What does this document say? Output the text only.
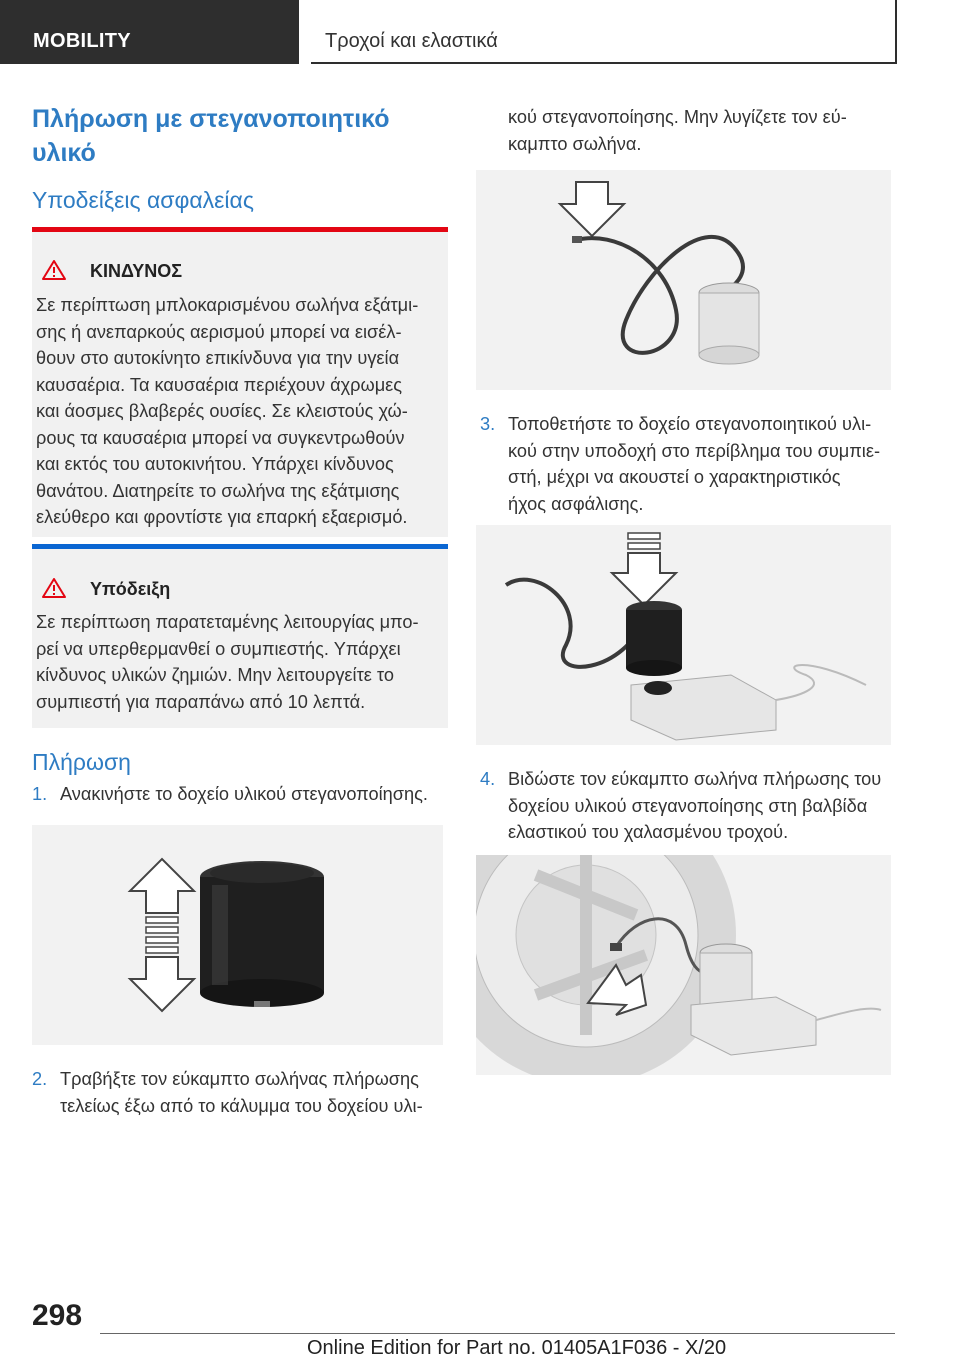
MOBILITY	Τροχοί και ελαστικά
Πλήρωση με στεγανοποιητικό
υλικό
Υποδείξεις ασφαλείας
ΚΙΝΔΥΝΟΣ
Σε περίπτωση μπλοκαρισμένου σωλήνα εξάτμι-
σης ή ανεπαρκούς αερισμού μπορεί να εισέλ-
θουν στο αυτοκίνητο επικίνδυνα για την υγεία
καυσαέρια. Τα καυσαέρια περιέχουν άχρωμες
και άοσμες βλαβερές ουσίες. Σε κλειστούς χώ-
ρους τα καυσαέρια μπορεί να συγκεντρωθούν
και εκτός του αυτοκινήτου. Υπάρχει κίνδυνος
θανάτου. Διατηρείτε το σωλήνα της εξάτμισης
ελεύθερο και φροντίστε για επαρκή εξαερισμό.
Υπόδειξη
Σε περίπτωση παρατεταμένης λειτουργίας μπο-
ρεί να υπερθερμανθεί ο συμπιεστής. Υπάρχει
κίνδυνος υλικών ζημιών. Μην λειτουργείτε το
συμπιεστή για παραπάνω από 10 λεπτά.
Πλήρωση

1.

Ανακινήστε το δοχείο υλικού στεγανοποίησης.

2.

Τραβήξτε τον εύκαμπτο σωλήνας πλήρωσης
τελείως έξω από το κάλυμμα του δοχείου υλι-

κού στεγανοποίησης. Μην λυγίζετε τον εύ-
καμπτο σωλήνα.

3.

Τοποθετήστε το δοχείο στεγανοποιητικού υλι-
κού στην υποδοχή στο περίβλημα του συμπιε-
στή, μέχρι να ακουστεί ο χαρακτηριστικός
ήχος ασφάλισης.

4.

Βιδώστε τον εύκαμπτο σωλήνα πλήρωσης του
δοχείου υλικού στεγανοποίησης στη βαλβίδα
ελαστικού του χαλασμένου τροχού.

298
Online Edition for Part no. 01405A1F036 - X/20
